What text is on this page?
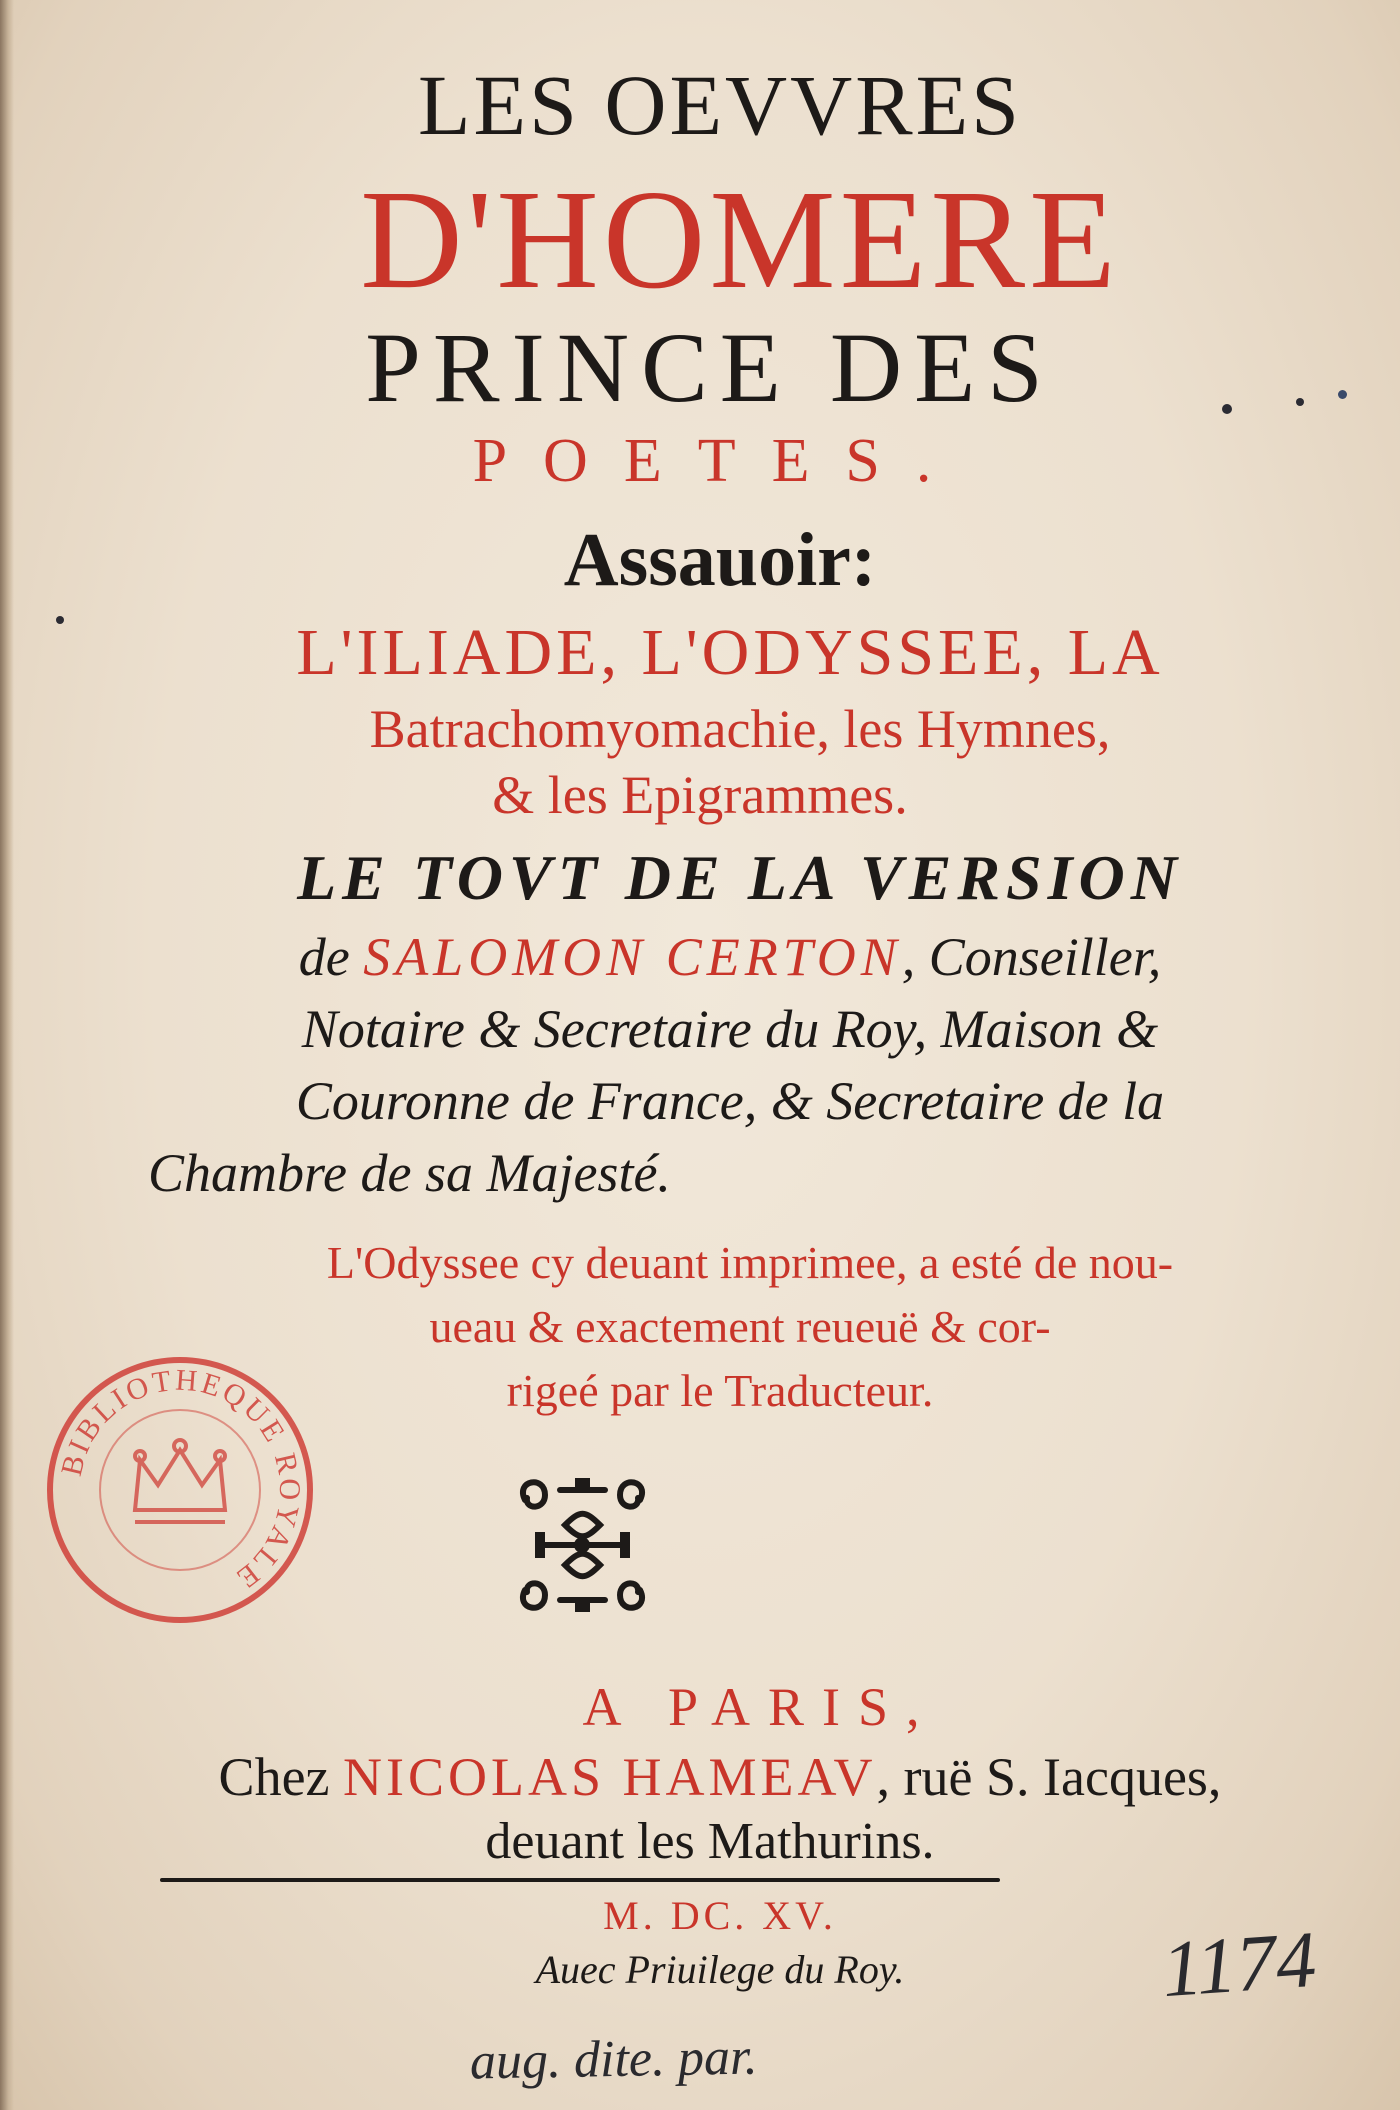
LES OEVVRES
D'HOMERE
PRINCE DES
POETES.
Assauoir:
L'ILIADE, L'ODYSSEE, LA
Batrachomyomachie, les Hymnes,
& les Epigrammes.
LE TOVT DE LA VERSION
de SALOMON CERTON, Conseiller,
Notaire & Secretaire du Roy, Maison &
Couronne de France, & Secretaire de la
Chambre de sa Majesté.
L'Odyssee cy deuant imprimee, a esté de nou-
ueau & exactement reueuë & cor-
rigeé par le Traducteur.
BIBLIOTHEQUE ROYALE
A PARIS,
Chez NICOLAS HAMEAV, ruë S. Iacques,
deuant les Mathurins.
M. DC. XV.
Auec Priuilege du Roy.	1174
aug. dite. par.
